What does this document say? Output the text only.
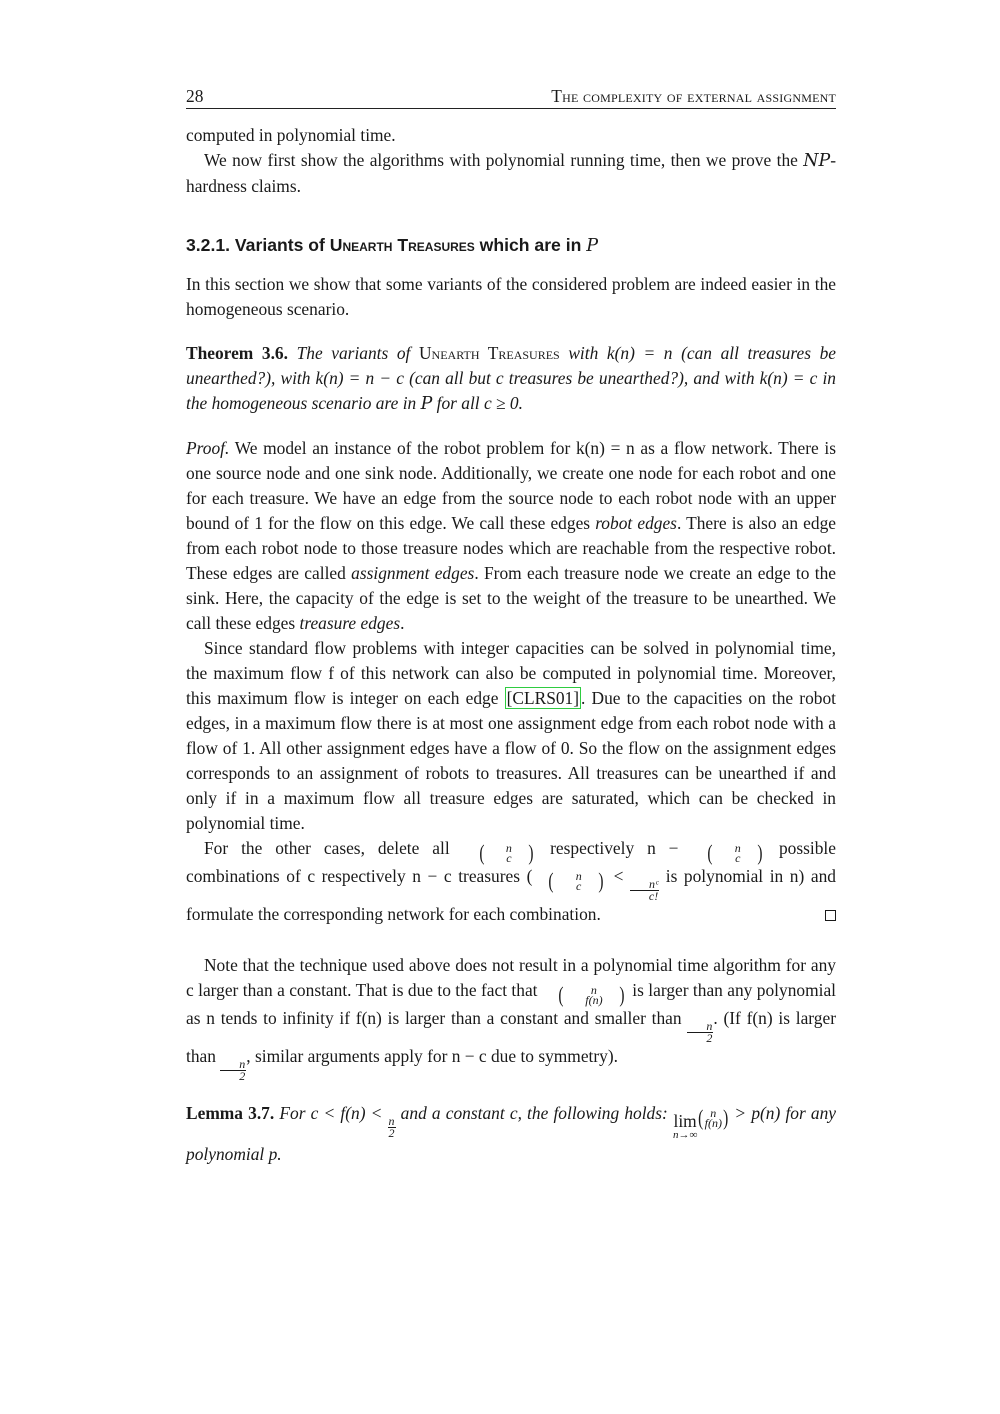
28	The complexity of external assignment

computed in polynomial time.

We now first show the algorithms with polynomial running time, then we prove the NP-hardness claims.

3.2.1. Variants of Unearth Treasures which are in P

In this section we show that some variants of the considered problem are indeed easier in the homogeneous scenario.

Theorem 3.6. The variants of Unearth Treasures with k(n) = n (can all treasures be unearthed?), with k(n) = n − c (can all but c treasures be unearthed?), and with k(n) = c in the homogeneous scenario are in P for all c ≥ 0.

Proof. We model an instance of the robot problem for k(n) = n as a flow network. There is one source node and one sink node. Additionally, we create one node for each robot and one for each treasure. We have an edge from the source node to each robot node with an upper bound of 1 for the flow on this edge. We call these edges robot edges. There is also an edge from each robot node to those treasure nodes which are reachable from the respective robot. These edges are called assignment edges. From each treasure node we create an edge to the sink. Here, the capacity of the edge is set to the weight of the treasure to be unearthed. We call these edges treasure edges.

Since standard flow problems with integer capacities can be solved in polynomial time, the maximum flow f of this network can also be computed in polynomial time. Moreover, this maximum flow is integer on each edge [CLRS01] . Due to the capacities on the robot edges, in a maximum flow there is at most one assignment edge from each robot node with a flow of 1. All other assignment edges have a flow of 0. So the flow on the assignment edges corresponds to an assignment of robots to treasures. All treasures can be unearthed if and only if in a maximum flow all treasure edges are saturated, which can be checked in polynomial time.

For the other cases, delete all (	n
c ) respectively n − (	n
c ) possible combinations of c respectively n − c treasures ( (	n
c ) <
$\frac{\text{nᶜ}}{c!}$
is polynomial in n) and formulate the corresponding network for each combination.

Note that the technique used above does not result in a polynomial time algorithm for any c larger than a constant. That is due to the fact that (	n
f(n) ) is larger than any polynomial as n tends to infinity if f(n) is larger than a constant and smaller than
$\frac{n}{2}$
. (If f(n) is larger than
$\frac{n}{2}$
, similar arguments apply for n − c due to symmetry).

Lemma 3.7. For c < f(n) <
$\frac{n}{2}$
and a constant c, the following holds: lim
n→∞
( n
f(n) ) > p(n) for any polynomial p.
